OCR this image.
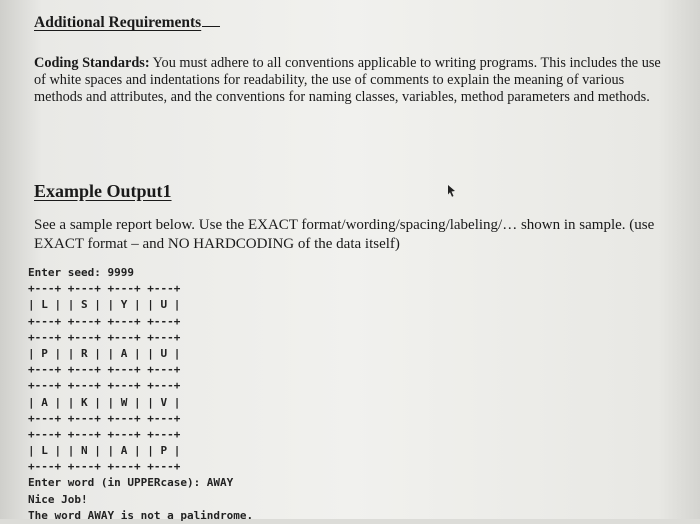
Additional Requirements
Coding Standards: You must adhere to all conventions applicable to writing programs. This includes the use of white spaces and indentations for readability, the use of comments to explain the meaning of various methods and attributes, and the conventions for naming classes, variables, method parameters and methods.
Example Output1
See a sample report below. Use the EXACT format/wording/spacing/labeling/… shown in sample. (use EXACT format – and NO HARDCODING of the data itself)
Enter seed: 9999
+---+ +---+ +---+ +---+
| L | | S | | Y | | U |
+---+ +---+ +---+ +---+
+---+ +---+ +---+ +---+
| P | | R | | A | | U |
+---+ +---+ +---+ +---+
+---+ +---+ +---+ +---+
| A | | K | | W | | V |
+---+ +---+ +---+ +---+
+---+ +---+ +---+ +---+
| L | | N | | A | | P |
+---+ +---+ +---+ +---+
Enter word (in UPPERcase): AWAY
Nice Job!
The word AWAY is not a palindrome.
